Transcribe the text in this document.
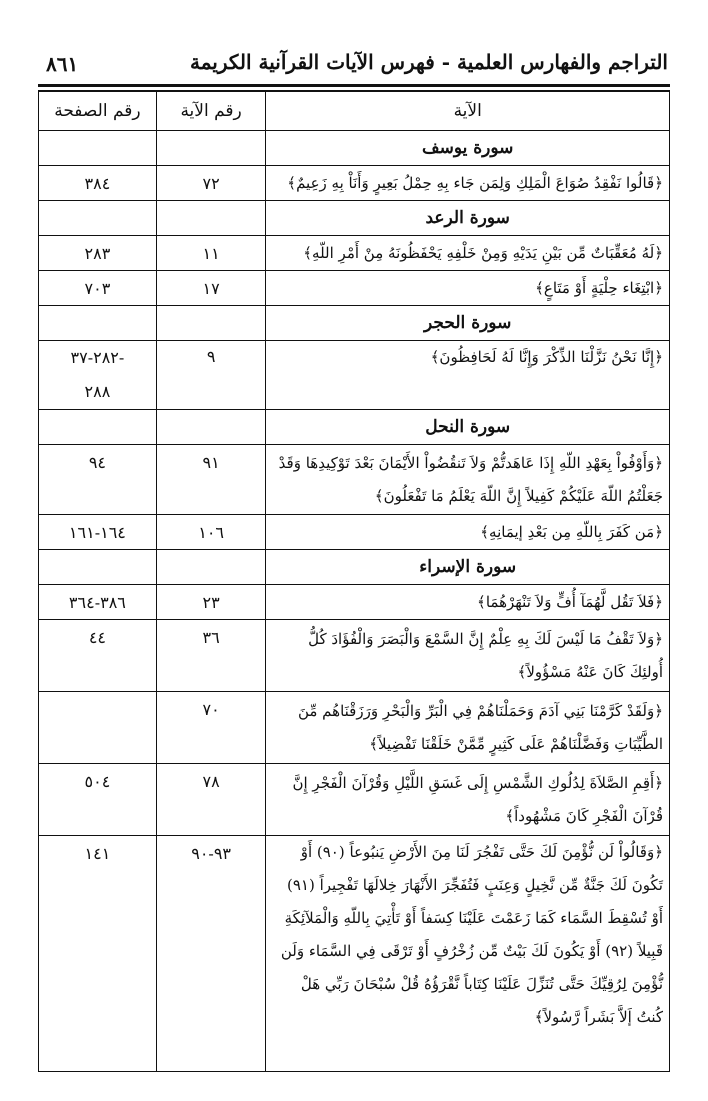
٨٦١	التراجم والفهارس العلمية - فهرس الآيات القرآنية الكريمة
الآية	رقم الآية	رقم الصفحة
سورة يوسف		
﴿قَالُوا نَفْقِدُ صُوَاعَ الْمَلِكِ وَلِمَن جَاء بِهِ حِمْلُ بَعِيرٍ وَأَنَاْ بِهِ زَعِيمٌ﴾	٧٢	٣٨٤
سورة الرعد		
﴿لَهُ مُعَقِّبَاتٌ مِّن بَيْنِ يَدَيْهِ وَمِنْ خَلْفِهِ يَحْفَظُونَهُ مِنْ أَمْرِ اللّهِ﴾	١١	٢٨٣
﴿ابْتِغَاء حِلْيَةٍ أَوْ مَتَاعٍ﴾	١٧	٧٠٣
سورة الحجر		
﴿إِنَّا نَحْنُ نَزَّلْنَا الذِّكْرَ وَإِنَّا لَهُ لَحَافِظُونَ﴾	٩	-٢٨٢-٣٧
٢٨٨

سورة النحل		
﴿وَأَوْفُواْ بِعَهْدِ اللّهِ إِذَا عَاهَدتُّمْ وَلاَ تَنقُضُواْ الأَيْمَانَ بَعْدَ تَوْكِيدِهَا وَقَدْ جَعَلْتُمُ اللّهَ عَلَيْكُمْ كَفِيلاً إِنَّ اللّهَ يَعْلَمُ مَا تَفْعَلُونَ﴾	٩١	٩٤
﴿مَن كَفَرَ بِاللّهِ مِن بَعْدِ إيمَانِهِ﴾	١٠٦	١٦٤-١٦١
سورة الإسراء		
﴿فَلاَ تَقُل لَّهُمَآ أُفٍّ وَلاَ تَنْهَرْهُمَا﴾	٢٣	٣٨٦-٣٦٤
﴿وَلاَ تَقْفُ مَا لَيْسَ لَكَ بِهِ عِلْمٌ إِنَّ السَّمْعَ وَالْبَصَرَ وَالْفُؤَادَ كُلُّ أُولئِكَ كَانَ عَنْهُ مَسْؤُولاً﴾	٣٦	٤٤
﴿وَلَقَدْ كَرَّمْنَا بَنِي آدَمَ وَحَمَلْنَاهُمْ فِي الْبَرِّ وَالْبَحْرِ وَرَزَقْنَاهُم مِّنَ الطَّيِّبَاتِ وَفَضَّلْنَاهُمْ عَلَى كَثِيرٍ مِّمَّنْ خَلَقْنَا تَفْضِيلاً﴾	٧٠	
﴿أَقِمِ الصَّلاَةَ لِدُلُوكِ الشَّمْسِ إِلَى غَسَقِ اللَّيْلِ وَقُرْآنَ الْفَجْرِ إِنَّ قُرْآنَ الْفَجْرِ كَانَ مَشْهُوداً﴾	٧٨	٥٠٤
﴿وَقَالُواْ لَن نُّؤْمِنَ لَكَ حَتَّى تَفْجُرَ لَنَا مِنَ الأَرْضِ يَنبُوعاً (٩٠) أَوْ تَكُونَ لَكَ جَنَّةٌ مِّن نَّخِيلٍ وَعِنَبٍ فَتُفَجِّرَ الأَنْهَارَ خِلالَهَا تَفْجِيراً (٩١) أَوْ تُسْقِطَ السَّمَاء كَمَا زَعَمْتَ عَلَيْنَا كِسَفاً أَوْ تَأْتِيَ بِاللّهِ وَالْمَلآئِكَةِ قَبِيلاً (٩٢) أَوْ يَكُونَ لَكَ بَيْتٌ مِّن زُخْرُفٍ أَوْ تَرْقَى فِي السَّمَاء وَلَن نُّؤْمِنَ لِرُقِيِّكَ حَتَّى تُنَزِّلَ عَلَيْنَا كِتَاباً نَّقْرَؤُهُ قُلْ سُبْحَانَ رَبِّي هَلْ كُنتُ إَلاَّ بَشَراً رَّسُولاً﴾	٩٣-٩٠	١٤١
